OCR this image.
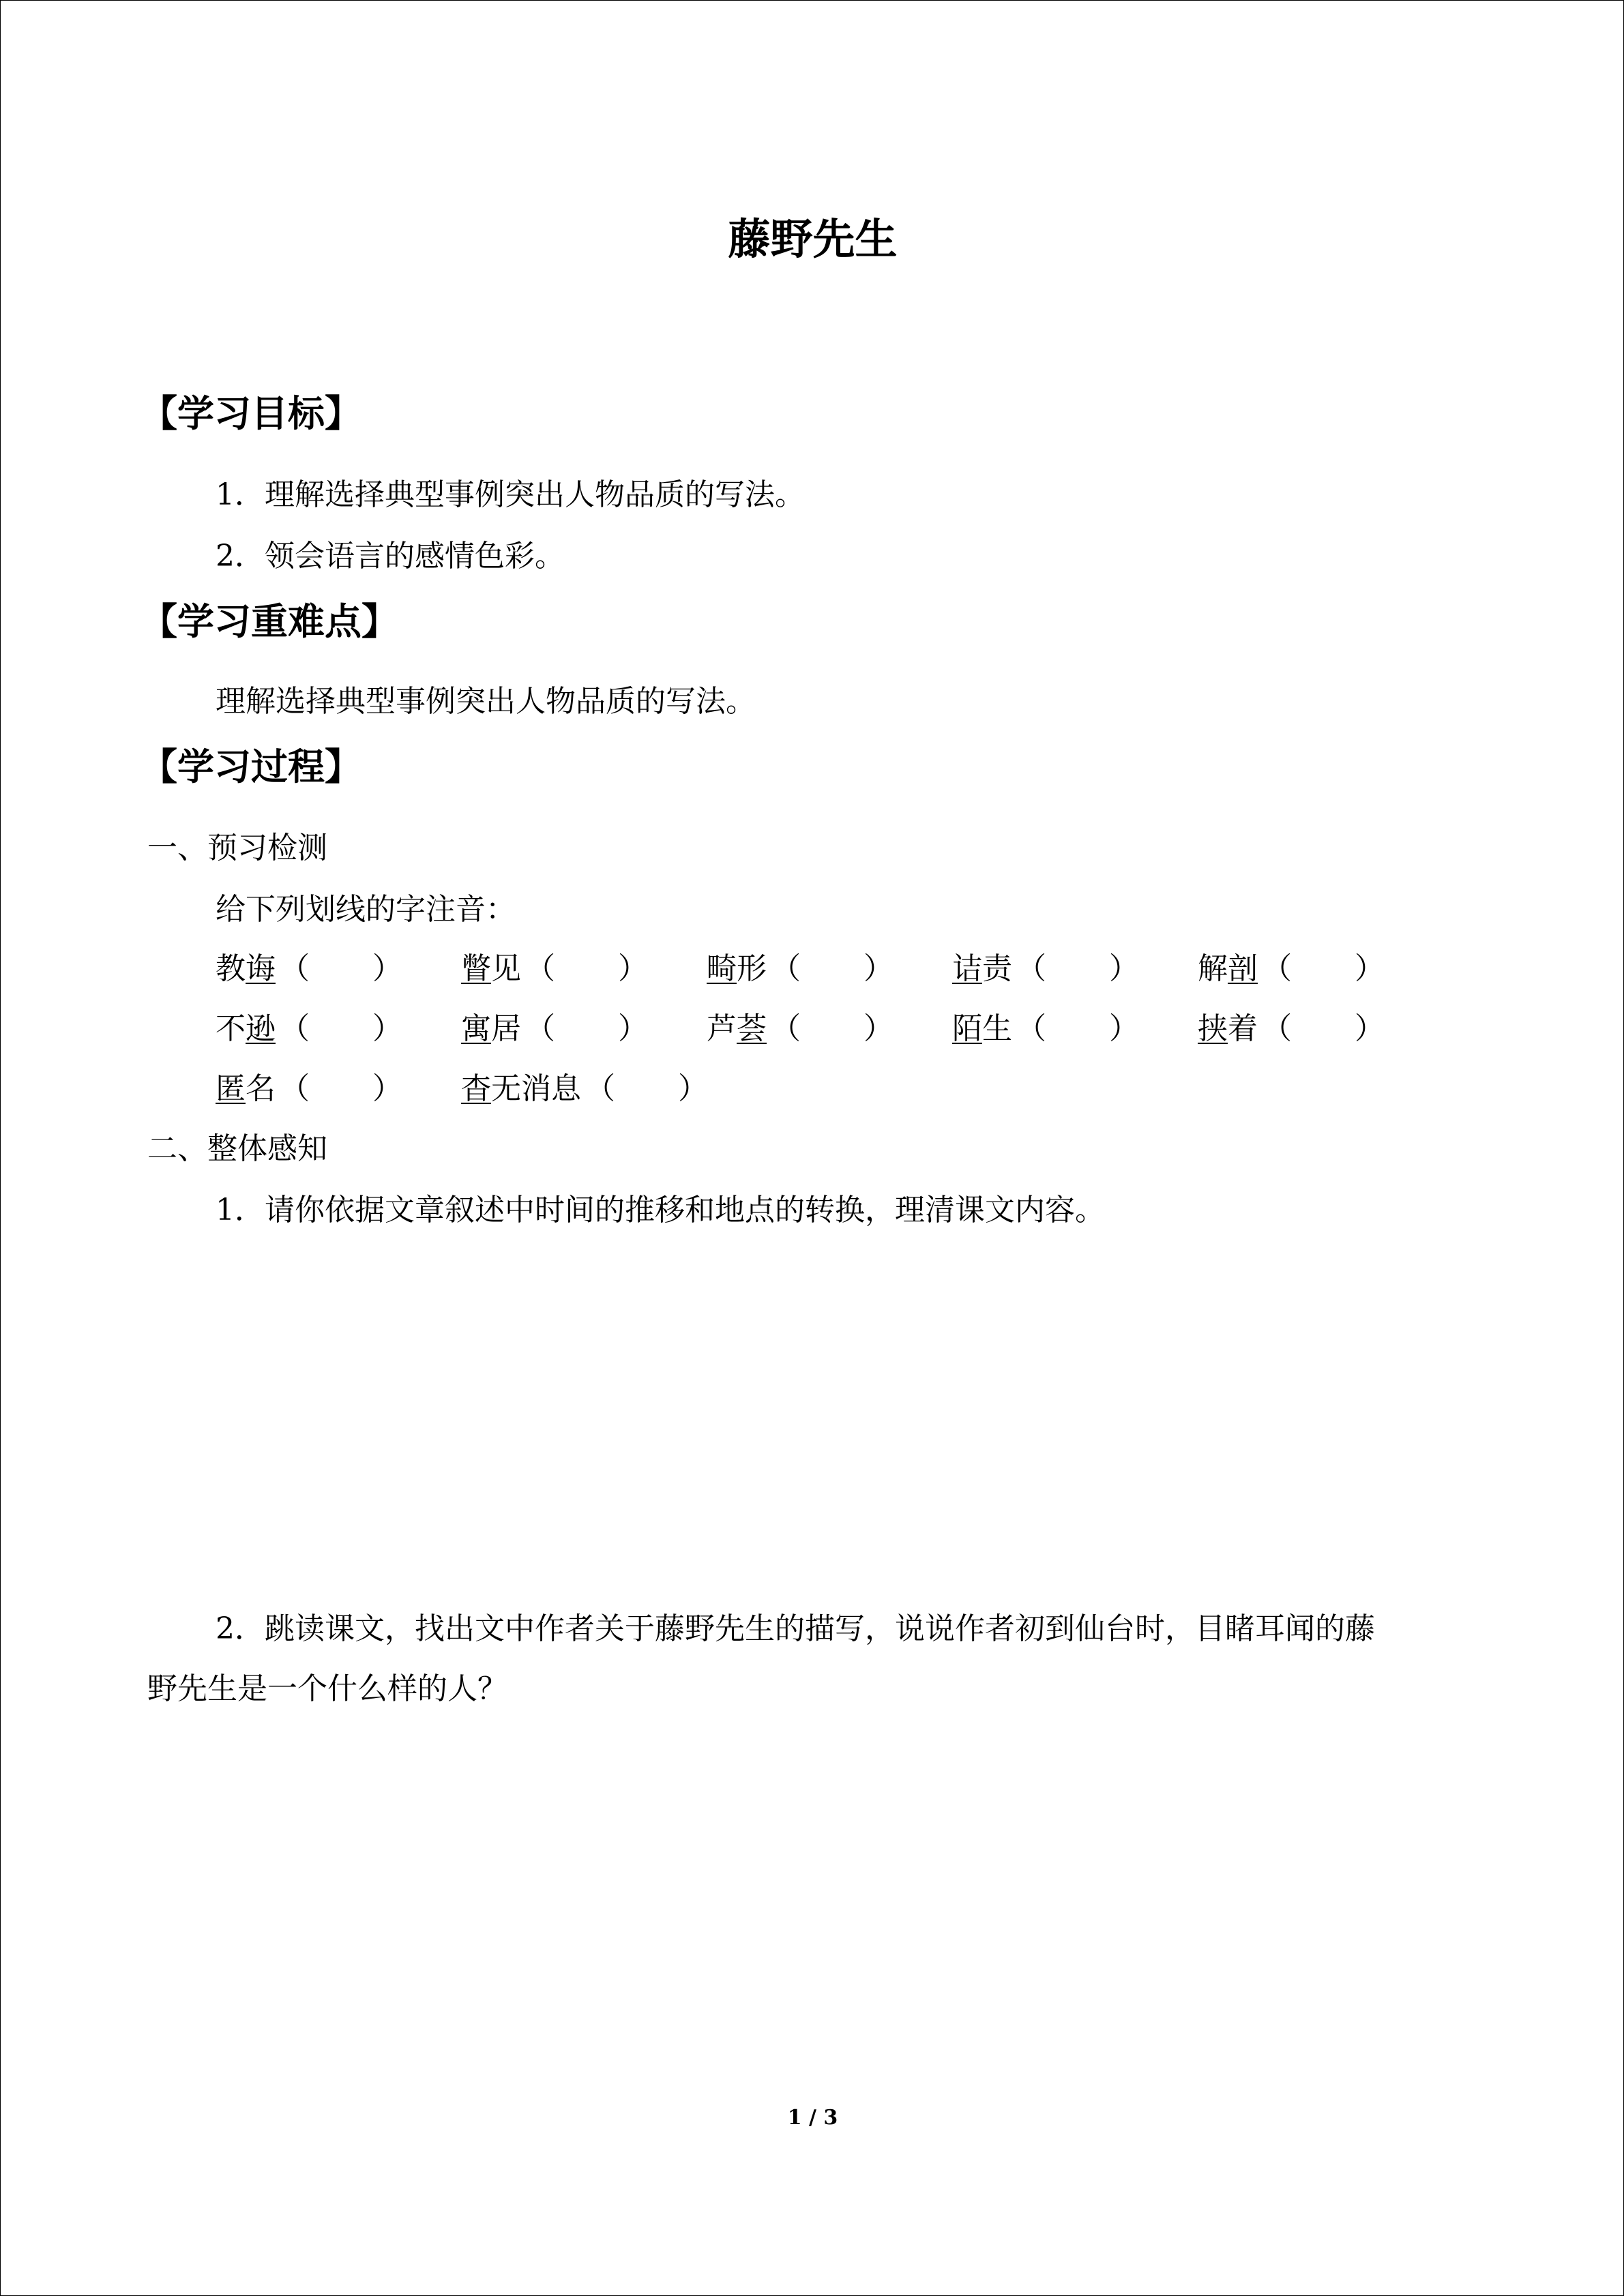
藤野先生
【学习目标】
1．理解选择典型事例突出人物品质的写法。
2．领会语言的感情色彩。
【学习重难点】
理解选择典型事例突出人物品质的写法。
【学习过程】
一、预习检测
给下列划线的字注音：
教诲 （ ） 瞥见 （ ） 畸形 （ ） 诘责 （ ） 解剖 （ ）
不逊 （ ） 寓居 （ ） 芦荟 （ ） 陌生 （ ） 挟着 （ ）
匿名 （ ） 杳无消息 （ ）
二、整体感知
1．请你依据文章叙述中时间的推移和地点的转换，理清课文内容。
2．跳读课文，找出文中作者关于藤野先生的描写，说说作者初到仙台时，目睹耳闻的藤
野先生是一个什么样的人？
1 / 3
